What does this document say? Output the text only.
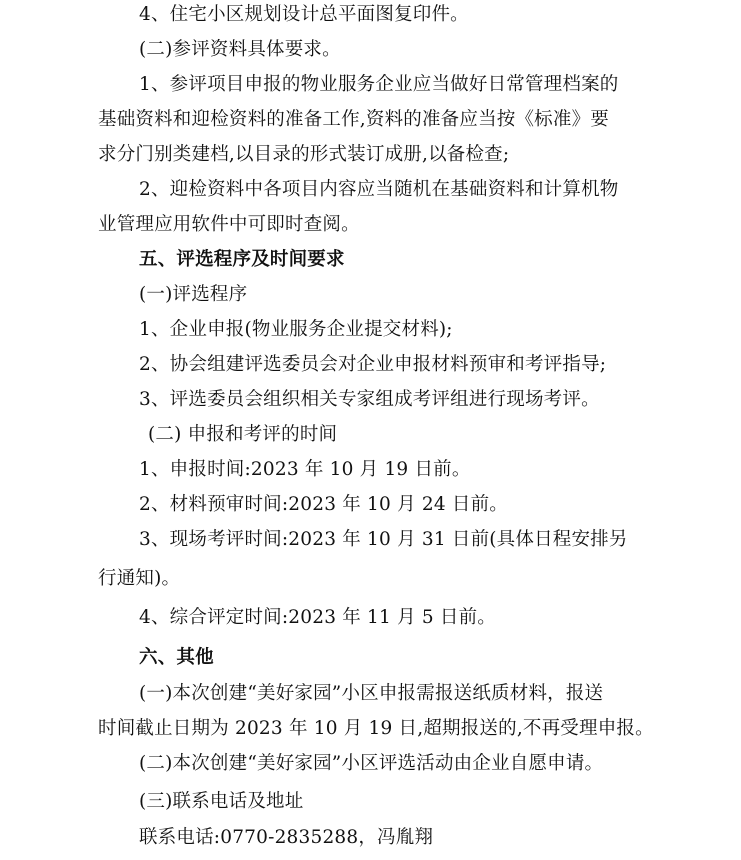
4、住宅小区规划设计总平面图复印件。
(二)参评资料具体要求。
1、参评项目申报的物业服务企业应当做好日常管理档案的
基础资料和迎检资料的准备工作,资料的准备应当按《标准》要
求分门别类建档,以目录的形式装订成册,以备检查;
2、迎检资料中各项目内容应当随机在基础资料和计算机物
业管理应用软件中可即时查阅。
五、评选程序及时间要求
(一)评选程序
1、企业申报(物业服务企业提交材料);
2、协会组建评选委员会对企业申报材料预审和考评指导;
3、评选委员会组织相关专家组成考评组进行现场考评。
(二) 申报和考评的时间
1、申报时间:2023 年 10 月 19 日前。
2、材料预审时间:2023 年 10 月 24 日前。
3、现场考评时间:2023 年 10 月 31 日前(具体日程安排另
行通知)。
4、综合评定时间:2023 年 11 月 5 日前。
六、其他
(一)本次创建“美好家园”小区申报需报送纸质材料，报送
时间截止日期为 2023 年 10 月 19 日,超期报送的,不再受理申报。
(二)本次创建“美好家园”小区评选活动由企业自愿申请。
(三)联系电话及地址
联系电话:0770-2835288，冯胤翔
